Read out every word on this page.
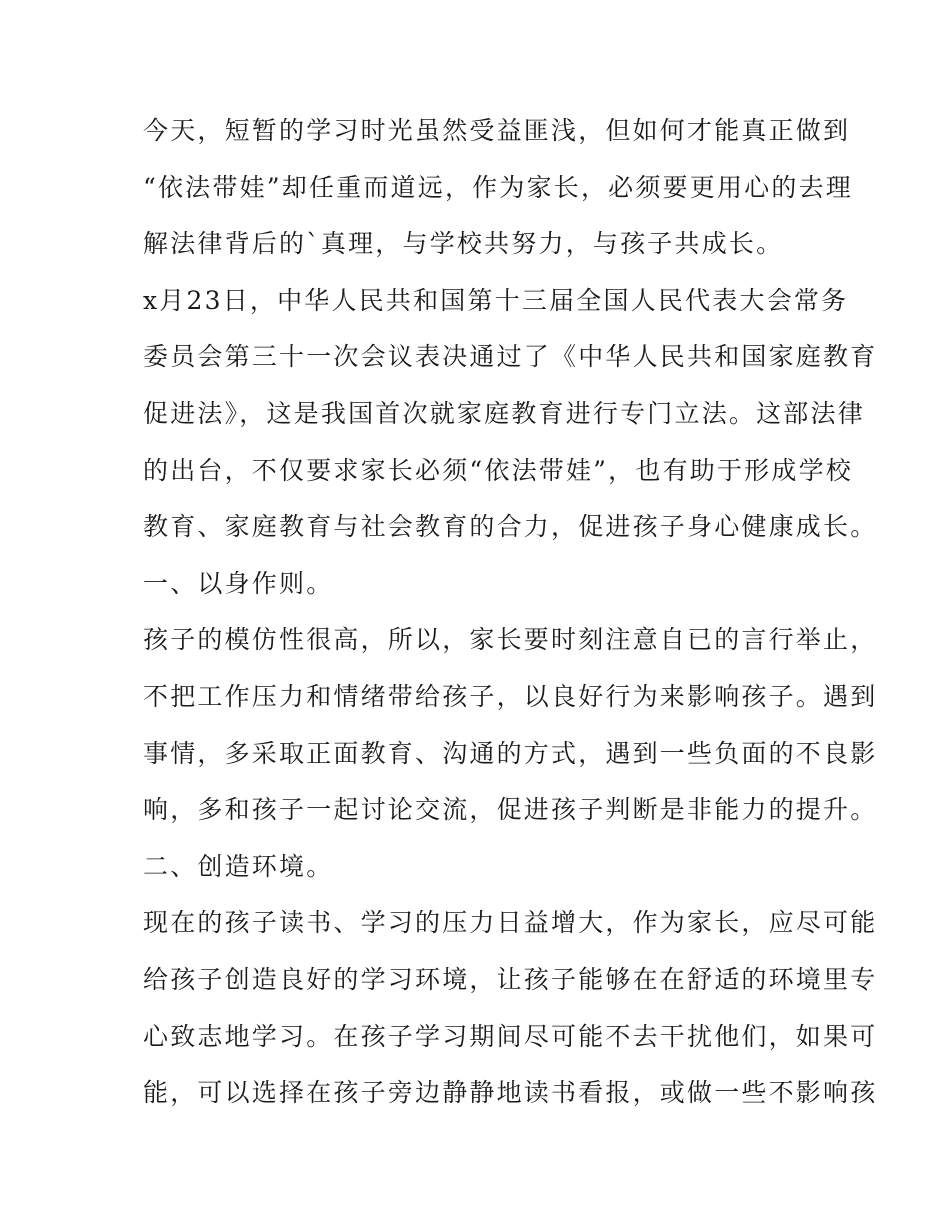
今天，短暂的学习时光虽然受益匪浅，但如何才能真正做到
“依法带娃”却任重而道远，作为家长，必须要更用心的去理
解法律背后的`真理，与学校共努力，与孩子共成长。
x月23日，中华人民共和国第十三届全国人民代表大会常务
委员会第三十一次会议表决通过了《中华人民共和国家庭教育
促进法》，这是我国首次就家庭教育进行专门立法。这部法律
的出台，不仅要求家长必须“依法带娃”，也有助于形成学校
教育、家庭教育与社会教育的合力，促进孩子身心健康成长。
一、以身作则。
孩子的模仿性很高，所以，家长要时刻注意自已的言行举止，
不把工作压力和情绪带给孩子，以良好行为来影响孩子。遇到
事情，多采取正面教育、沟通的方式，遇到一些负面的不良影
响，多和孩子一起讨论交流，促进孩子判断是非能力的提升。
二、创造环境。
现在的孩子读书、学习的压力日益增大，作为家长，应尽可能
给孩子创造良好的学习环境，让孩子能够在在舒适的环境里专
心致志地学习。在孩子学习期间尽可能不去干扰他们，如果可
能，可以选择在孩子旁边静静地读书看报，或做一些不影响孩
